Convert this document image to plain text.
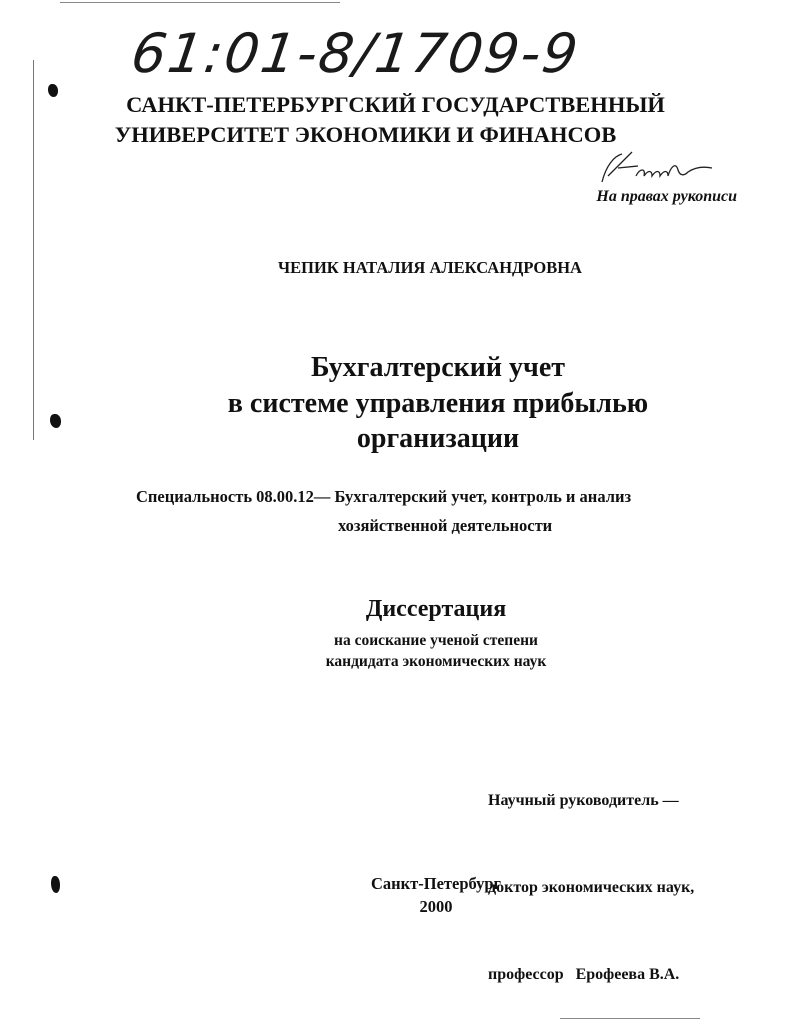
61:01-8/1709-9
САНКТ-ПЕТЕРБУРГСКИЙ ГОСУДАРСТВЕННЫЙ
УНИВЕРСИТЕТ ЭКОНОМИКИ И ФИНАНСОВ
На правах рукописи
ЧЕПИК НАТАЛИЯ АЛЕКСАНДРОВНА
Бухгалтерский учет
в системе управления прибылью
организации
Специальность 08.00.12— Бухгалтерский учет, контроль и анализ
хозяйственной деятельности
Диссертация
на соискание ученой степени
кандидата экономических наук

Научный руководитель —

доктор экономических наук,

профессор   Ерофеева В.А.

Санкт-Петербург
2000
